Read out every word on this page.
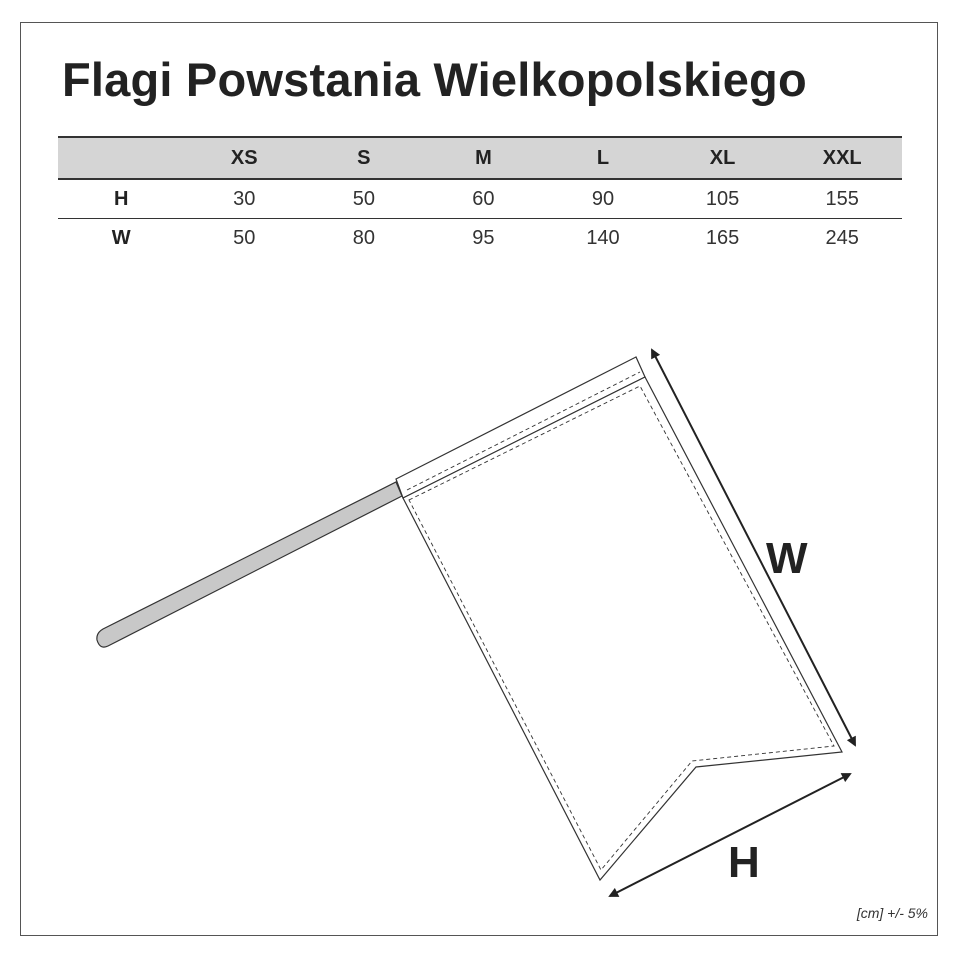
Flagi Powstania Wielkopolskiego
	XS	S	M	L	XL	XXL
H	30	50	60	90	105	155
W	50	80	95	140	165	245
W
H
[cm] +/- 5%
